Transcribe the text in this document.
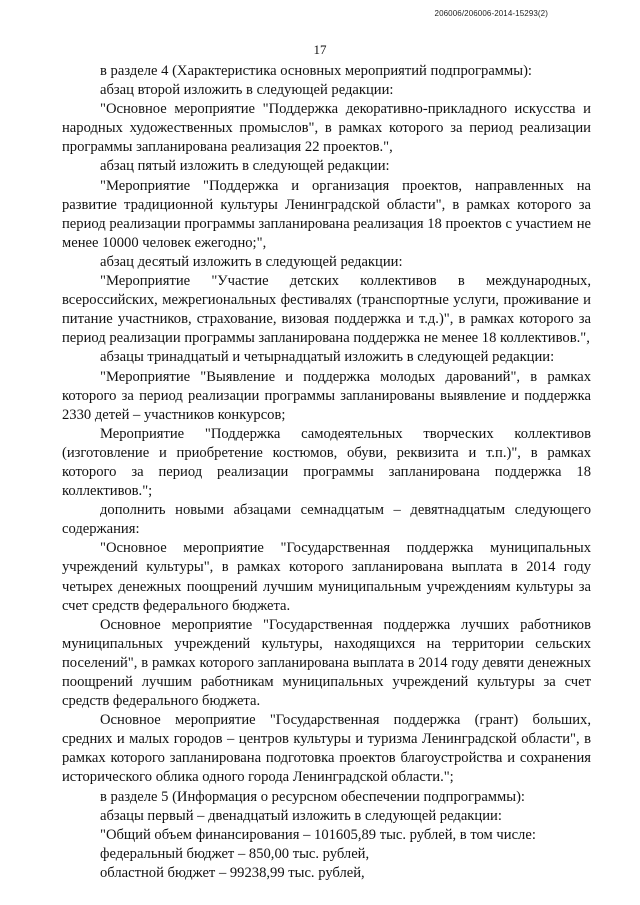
206006/206006-2014-15293(2)
17

в разделе 4 (Характеристика основных мероприятий подпрограммы):

абзац второй изложить в следующей редакции:

"Основное мероприятие "Поддержка декоративно-прикладного искусства и народных художественных промыслов", в рамках которого за период реализации программы запланирована реализация 22 проектов.",

абзац пятый изложить в следующей редакции:

"Мероприятие "Поддержка и организация проектов, направленных на развитие традиционной культуры Ленинградской области", в рамках которого за период реализации программы запланирована реализация 18 проектов с участием не менее 10000 человек ежегодно;",

абзац десятый изложить в следующей редакции:

"Мероприятие "Участие детских коллективов в международных, всероссийских, межрегиональных фестивалях (транспортные услуги, проживание и питание участников, страхование, визовая поддержка и т.д.)", в рамках которого за период реализации программы запланирована поддержка не менее 18 коллективов.",

абзацы тринадцатый и четырнадцатый изложить в следующей редакции:

"Мероприятие "Выявление и поддержка молодых дарований", в рамках которого за период реализации программы запланированы выявление и поддержка 2330 детей – участников конкурсов;

Мероприятие "Поддержка самодеятельных творческих коллективов (изготовление и приобретение костюмов, обуви, реквизита и т.п.)", в рамках которого за период реализации программы запланирована поддержка 18 коллективов.";

дополнить новыми абзацами семнадцатым – девятнадцатым следующего содержания:

"Основное мероприятие "Государственная поддержка муниципальных учреждений культуры", в рамках которого запланирована выплата в 2014 году четырех денежных поощрений лучшим муниципальным учреждениям культуры за счет средств федерального бюджета.

Основное мероприятие "Государственная поддержка лучших работников муниципальных учреждений культуры, находящихся на территории сельских поселений", в рамках которого запланирована выплата в 2014 году девяти денежных поощрений лучшим работникам муниципальных учреждений культуры за счет средств федерального бюджета.

Основное мероприятие "Государственная поддержка (грант) больших, средних и малых городов – центров культуры и туризма Ленинградской области", в рамках которого запланирована подготовка проектов благоустройства и сохранения исторического облика одного города Ленинградской области.";

в разделе 5 (Информация о ресурсном обеспечении подпрограммы):

абзацы первый – двенадцатый изложить в следующей редакции:

"Общий объем финансирования – 101605,89 тыс. рублей, в том числе:

федеральный бюджет – 850,00 тыс. рублей,

областной бюджет – 99238,99 тыс. рублей,
